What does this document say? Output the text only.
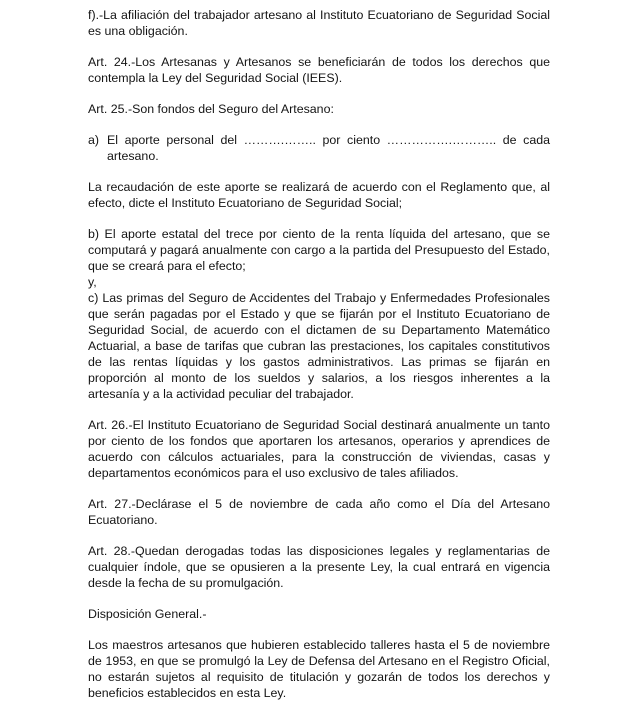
f).-La afiliación del trabajador artesano al Instituto Ecuatoriano de Seguridad Social es una obligación.

Art. 24.-Los Artesanas y Artesanos se beneficiarán de todos los derechos que contempla la Ley del Seguridad Social (IEES).

Art. 25.-Son fondos del Seguro del Artesano:

a) El aporte personal del ……….…….. por ciento …………….……….. de cada artesano.

La recaudación de este aporte se realizará de acuerdo con el Reglamento que, al efecto, dicte el Instituto Ecuatoriano de Seguridad Social;

b) El aporte estatal del trece por ciento de la renta líquida del artesano, que se computará y pagará anualmente con cargo a la partida del Presupuesto del Estado, que se creará para el efecto;

y,

c) Las primas del Seguro de Accidentes del Trabajo y Enfermedades Profesionales que serán pagadas por el Estado y que se fijarán por el Instituto Ecuatoriano de Seguridad Social, de acuerdo con el dictamen de su Departamento Matemático Actuarial, a base de tarifas que cubran las prestaciones, los capitales constitutivos de las rentas líquidas y los gastos administrativos. Las primas se fijarán en proporción al monto de los sueldos y salarios, a los riesgos inherentes a la artesanía y a la actividad peculiar del trabajador.

Art. 26.-El Instituto Ecuatoriano de Seguridad Social destinará anualmente un tanto por ciento de los fondos que aportaren los artesanos, operarios y aprendices de acuerdo con cálculos actuariales, para la construcción de viviendas, casas y departamentos económicos para el uso exclusivo de tales afiliados.

Art. 27.-Declárase el 5 de noviembre de cada año como el Día del Artesano Ecuatoriano.

Art. 28.-Quedan derogadas todas las disposiciones legales y reglamentarias de cualquier índole, que se opusieren a la presente Ley, la cual entrará en vigencia desde la fecha de su promulgación.

Disposición General.-

Los maestros artesanos que hubieren establecido talleres hasta el 5 de noviembre de 1953, en que se promulgó la Ley de Defensa del Artesano en el Registro Oficial, no estarán sujetos al requisito de titulación y gozarán de todos los derechos y beneficios establecidos en esta Ley.
